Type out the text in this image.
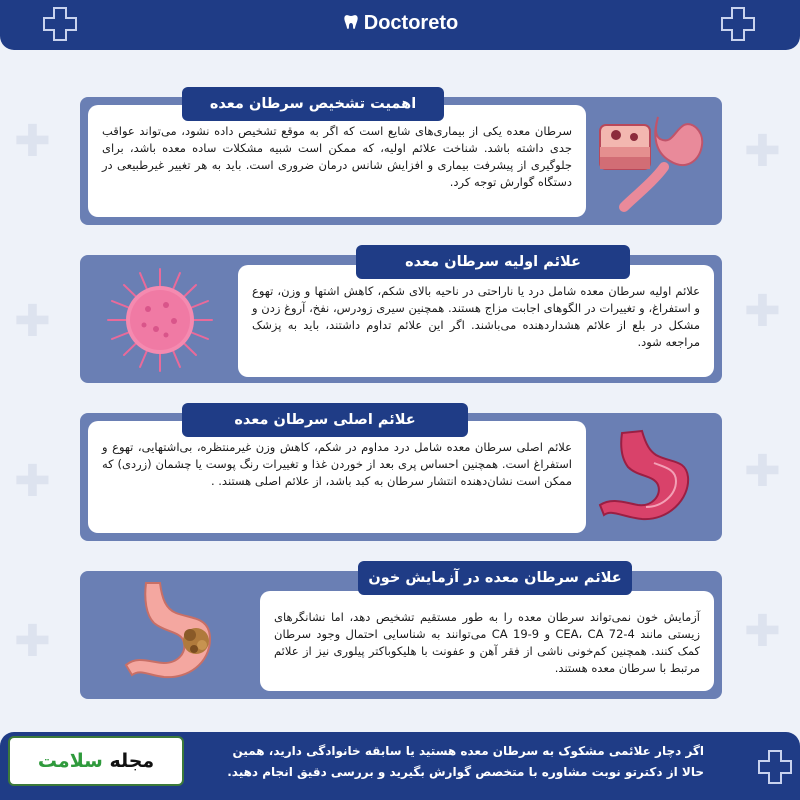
✚
✚
✚
✚
✚
✚
✚
✚
Doctoreto

سرطان معده یکی از بیماری‌های شایع است که اگر به موقع تشخیص داده نشود، می‌تواند عواقب جدی داشته باشد. شناخت علائم اولیه، که ممکن است شبیه مشکلات ساده معده باشد، برای جلوگیری از پیشرفت بیماری و افزایش شانس درمان ضروری است. باید به هر تغییر غیرطبیعی در دستگاه گوارش توجه کرد.

اهمیت تشخیص سرطان معده

علائم اولیه سرطان معده شامل درد یا ناراحتی در ناحیه بالای شکم، کاهش اشتها و وزن، تهوع و استفراغ، و تغییرات در الگوهای اجابت مزاج هستند. همچنین سیری زودرس، نفخ، آروغ زدن و مشکل در بلع از علائم هشداردهنده می‌باشند. اگر این علائم تداوم داشتند، باید به پزشک مراجعه شود.

علائم اولیه سرطان معده

علائم اصلی سرطان معده شامل درد مداوم در شکم، کاهش وزن غیرمنتظره، بی‌اشتهایی، تهوع و استفراغ است. همچنین احساس پری بعد از خوردن غذا و تغییرات رنگ پوست یا چشمان (زردی) که ممکن است نشان‌دهنده انتشار سرطان به کبد باشد، از علائم اصلی هستند. .

علائم اصلی سرطان معده

آزمایش خون نمی‌تواند سرطان معده را به طور مستقیم تشخیص دهد، اما نشانگرهای زیستی مانند CEA، CA 72-4 و CA 19-9 می‌توانند به شناسایی احتمال وجود سرطان کمک کنند. همچنین کم‌خونی ناشی از فقر آهن و عفونت با هلیکوباکتر پیلوری نیز از علائم مرتبط با سرطان معده هستند.

علائم سرطان معده در آزمایش خون
اگر دچار علائمی مشکوک به سرطان معده هستید یا سابقه خانوادگی دارید، همین
حالا از دکترتو نوبت مشاوره با متخصص گوارش بگیرید و بررسی دقیق انجام دهید.
مجله سلامت
